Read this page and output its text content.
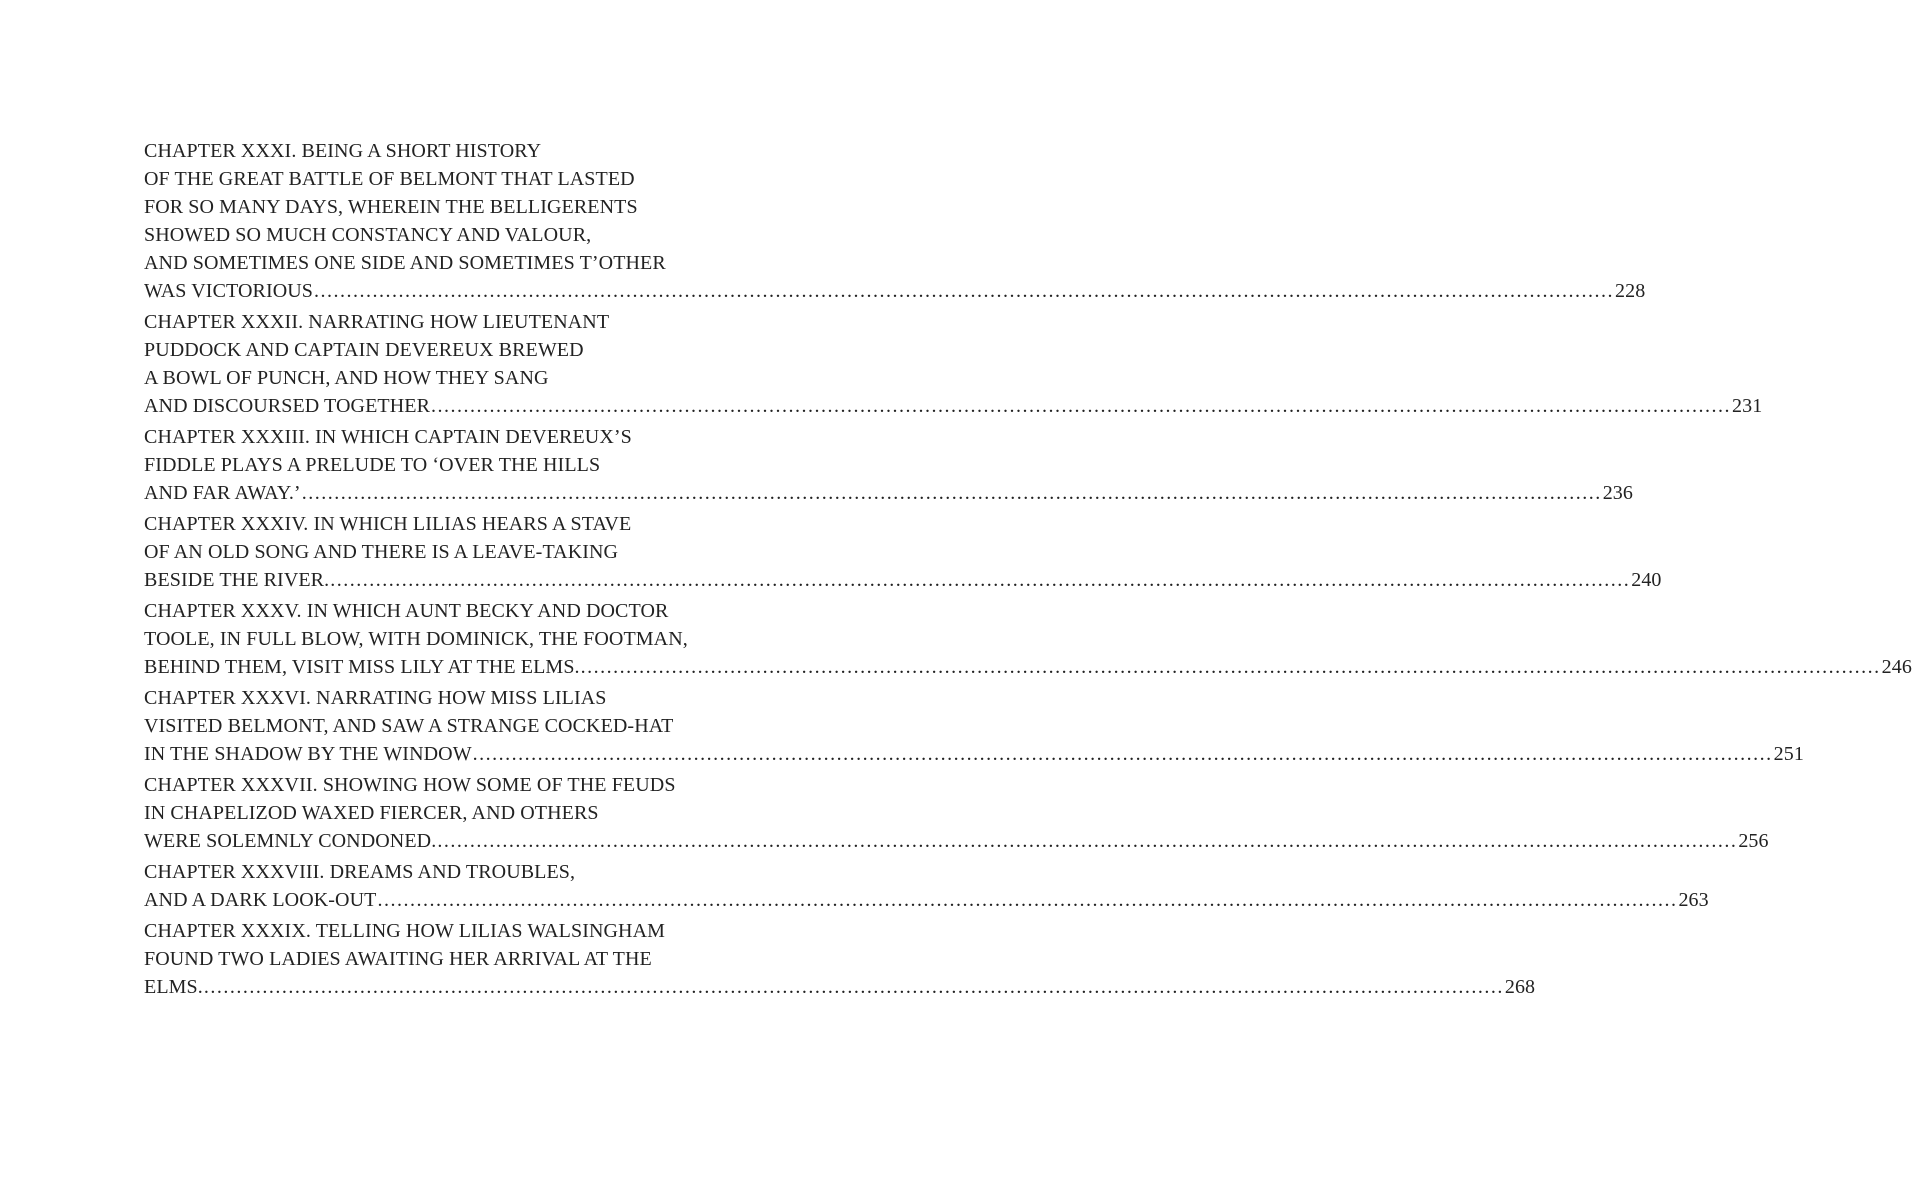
CHAPTER XXXI. BEING A SHORT HISTORY
OF THE GREAT BATTLE OF BELMONT THAT LASTED
FOR SO MANY DAYS, WHEREIN THE BELLIGERENTS
SHOWED SO MUCH CONSTANCY AND VALOUR,
AND SOMETIMES ONE SIDE AND SOMETIMES T’OTHER
WAS VICTORIOUS ........................................................................................................................................................................................................ 228
CHAPTER XXXII. NARRATING HOW LIEUTENANT
PUDDOCK AND CAPTAIN DEVEREUX BREWED
A BOWL OF PUNCH, AND HOW THEY SANG
AND DISCOURSED TOGETHER ........................................................................................................................................................................................................ 231
CHAPTER XXXIII. IN WHICH CAPTAIN DEVEREUX’S
FIDDLE PLAYS A PRELUDE TO ‘OVER THE HILLS
AND FAR AWAY.’ ........................................................................................................................................................................................................ 236
CHAPTER XXXIV. IN WHICH LILIAS HEARS A STAVE
OF AN OLD SONG AND THERE IS A LEAVE-TAKING
BESIDE THE RIVER. ........................................................................................................................................................................................................ 240
CHAPTER XXXV. IN WHICH AUNT BECKY AND DOCTOR
TOOLE, IN FULL BLOW, WITH DOMINICK, THE FOOTMAN,
BEHIND THEM, VISIT MISS LILY AT THE ELMS. ........................................................................................................................................................................................................ 246
CHAPTER XXXVI. NARRATING HOW MISS LILIAS
VISITED BELMONT, AND SAW A STRANGE COCKED-HAT
IN THE SHADOW BY THE WINDOW ........................................................................................................................................................................................................ 251
CHAPTER XXXVII. SHOWING HOW SOME OF THE FEUDS
IN CHAPELIZOD WAXED FIERCER, AND OTHERS
WERE SOLEMNLY CONDONED. ........................................................................................................................................................................................................ 256
CHAPTER XXXVIII. DREAMS AND TROUBLES,
AND A DARK LOOK-OUT ........................................................................................................................................................................................................ 263
CHAPTER XXXIX. TELLING HOW LILIAS WALSINGHAM
FOUND TWO LADIES AWAITING HER ARRIVAL AT THE
ELMS. ........................................................................................................................................................................................................ 268
